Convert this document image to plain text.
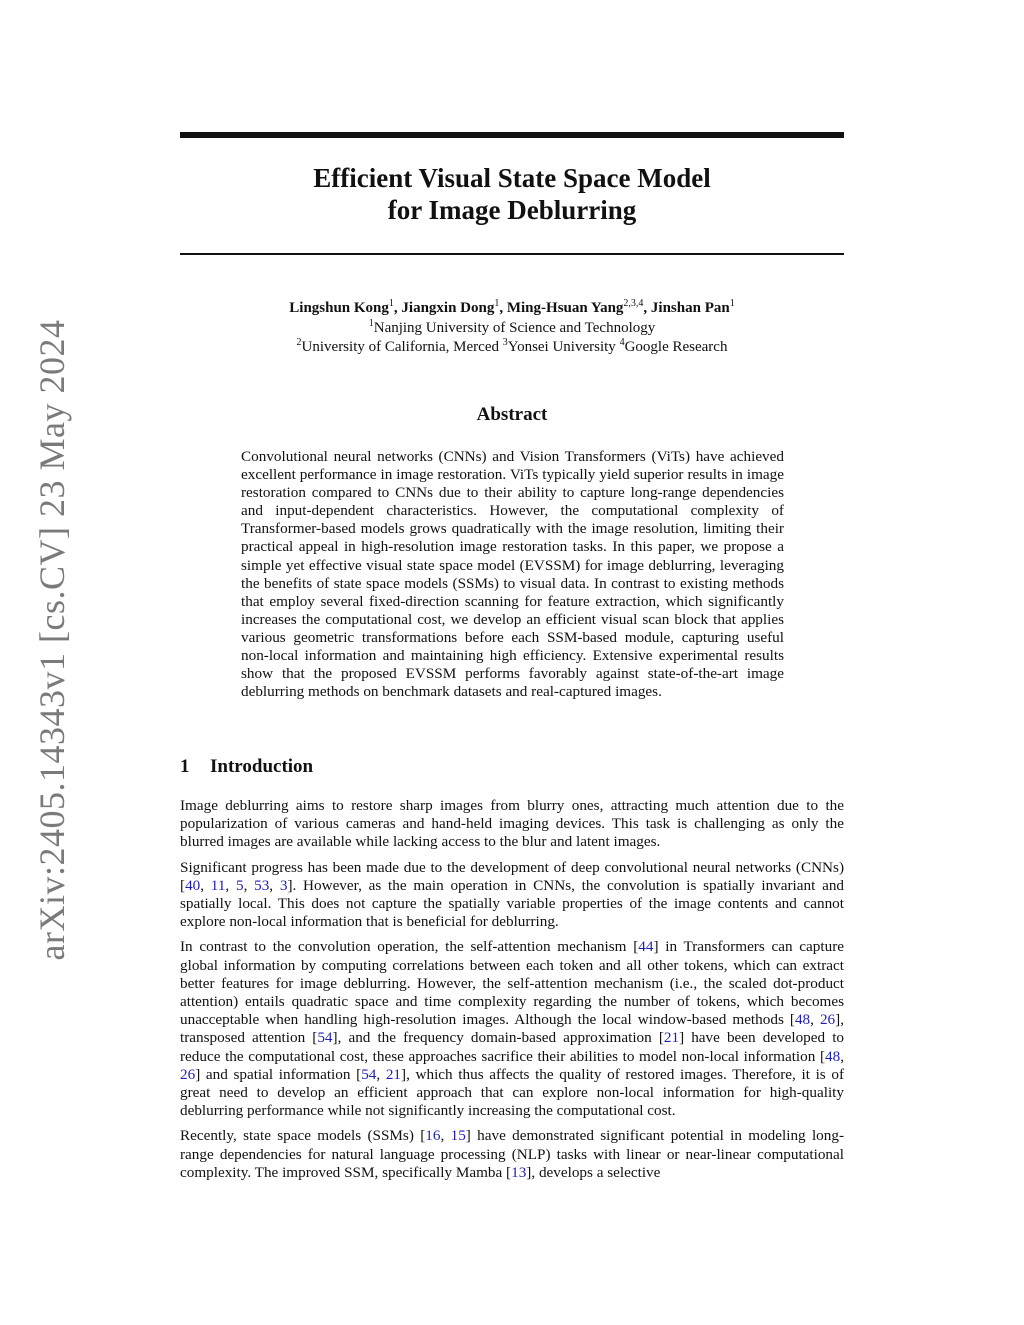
arXiv:2405.14343v1 [cs.CV] 23 May 2024
Efficient Visual State Space Model
for Image Deblurring
Lingshun Kong$^1$, Jiangxin Dong$^1$, Ming-Hsuan Yang$^{2,3,4}$, Jinshan Pan$^1$
$^1$Nanjing University of Science and Technology
$^2$University of California, Merced $^3$Yonsei University $^4$Google Research
Abstract

Convolutional neural networks (CNNs) and Vision Transformers (ViTs) have achieved excellent performance in image restoration. ViTs typically yield superior results in image restoration compared to CNNs due to their ability to capture long-range dependencies and input-dependent characteristics. However, the computational complexity of Transformer-based models grows quadratically with the image resolution, limiting their practical appeal in high-resolution image restoration tasks. In this paper, we propose a simple yet effective visual state space model (EVSSM) for image deblurring, leveraging the benefits of state space models (SSMs) to visual data. In contrast to existing methods that employ several fixed-direction scanning for feature extraction, which significantly increases the computational cost, we develop an efficient visual scan block that applies various geometric transformations before each SSM-based module, capturing useful non-local information and maintaining high efficiency. Extensive experimental results show that the proposed EVSSM performs favorably against state-of-the-art image deblurring methods on benchmark datasets and real-captured images.

1 Introduction

Image deblurring aims to restore sharp images from blurry ones, attracting much attention due to the popularization of various cameras and hand-held imaging devices. This task is challenging as only the blurred images are available while lacking access to the blur and latent images.

Significant progress has been made due to the development of deep convolutional neural networks (CNNs) [40, 11, 5, 53, 3]. However, as the main operation in CNNs, the convolution is spatially invariant and spatially local. This does not capture the spatially variable properties of the image contents and cannot explore non-local information that is beneficial for deblurring.

In contrast to the convolution operation, the self-attention mechanism [44] in Transformers can capture global information by computing correlations between each token and all other tokens, which can extract better features for image deblurring. However, the self-attention mechanism (i.e., the scaled dot-product attention) entails quadratic space and time complexity regarding the number of tokens, which becomes unacceptable when handling high-resolution images. Although the local window-based methods [48, 26], transposed attention [54], and the frequency domain-based approximation [21] have been developed to reduce the computational cost, these approaches sacrifice their abilities to model non-local information [48, 26] and spatial information [54, 21], which thus affects the quality of restored images. Therefore, it is of great need to develop an efficient approach that can explore non-local information for high-quality deblurring performance while not significantly increasing the computational cost.

Recently, state space models (SSMs) [16, 15] have demonstrated significant potential in modeling long-range dependencies for natural language processing (NLP) tasks with linear or near-linear computational complexity. The improved SSM, specifically Mamba [13], develops a selective
